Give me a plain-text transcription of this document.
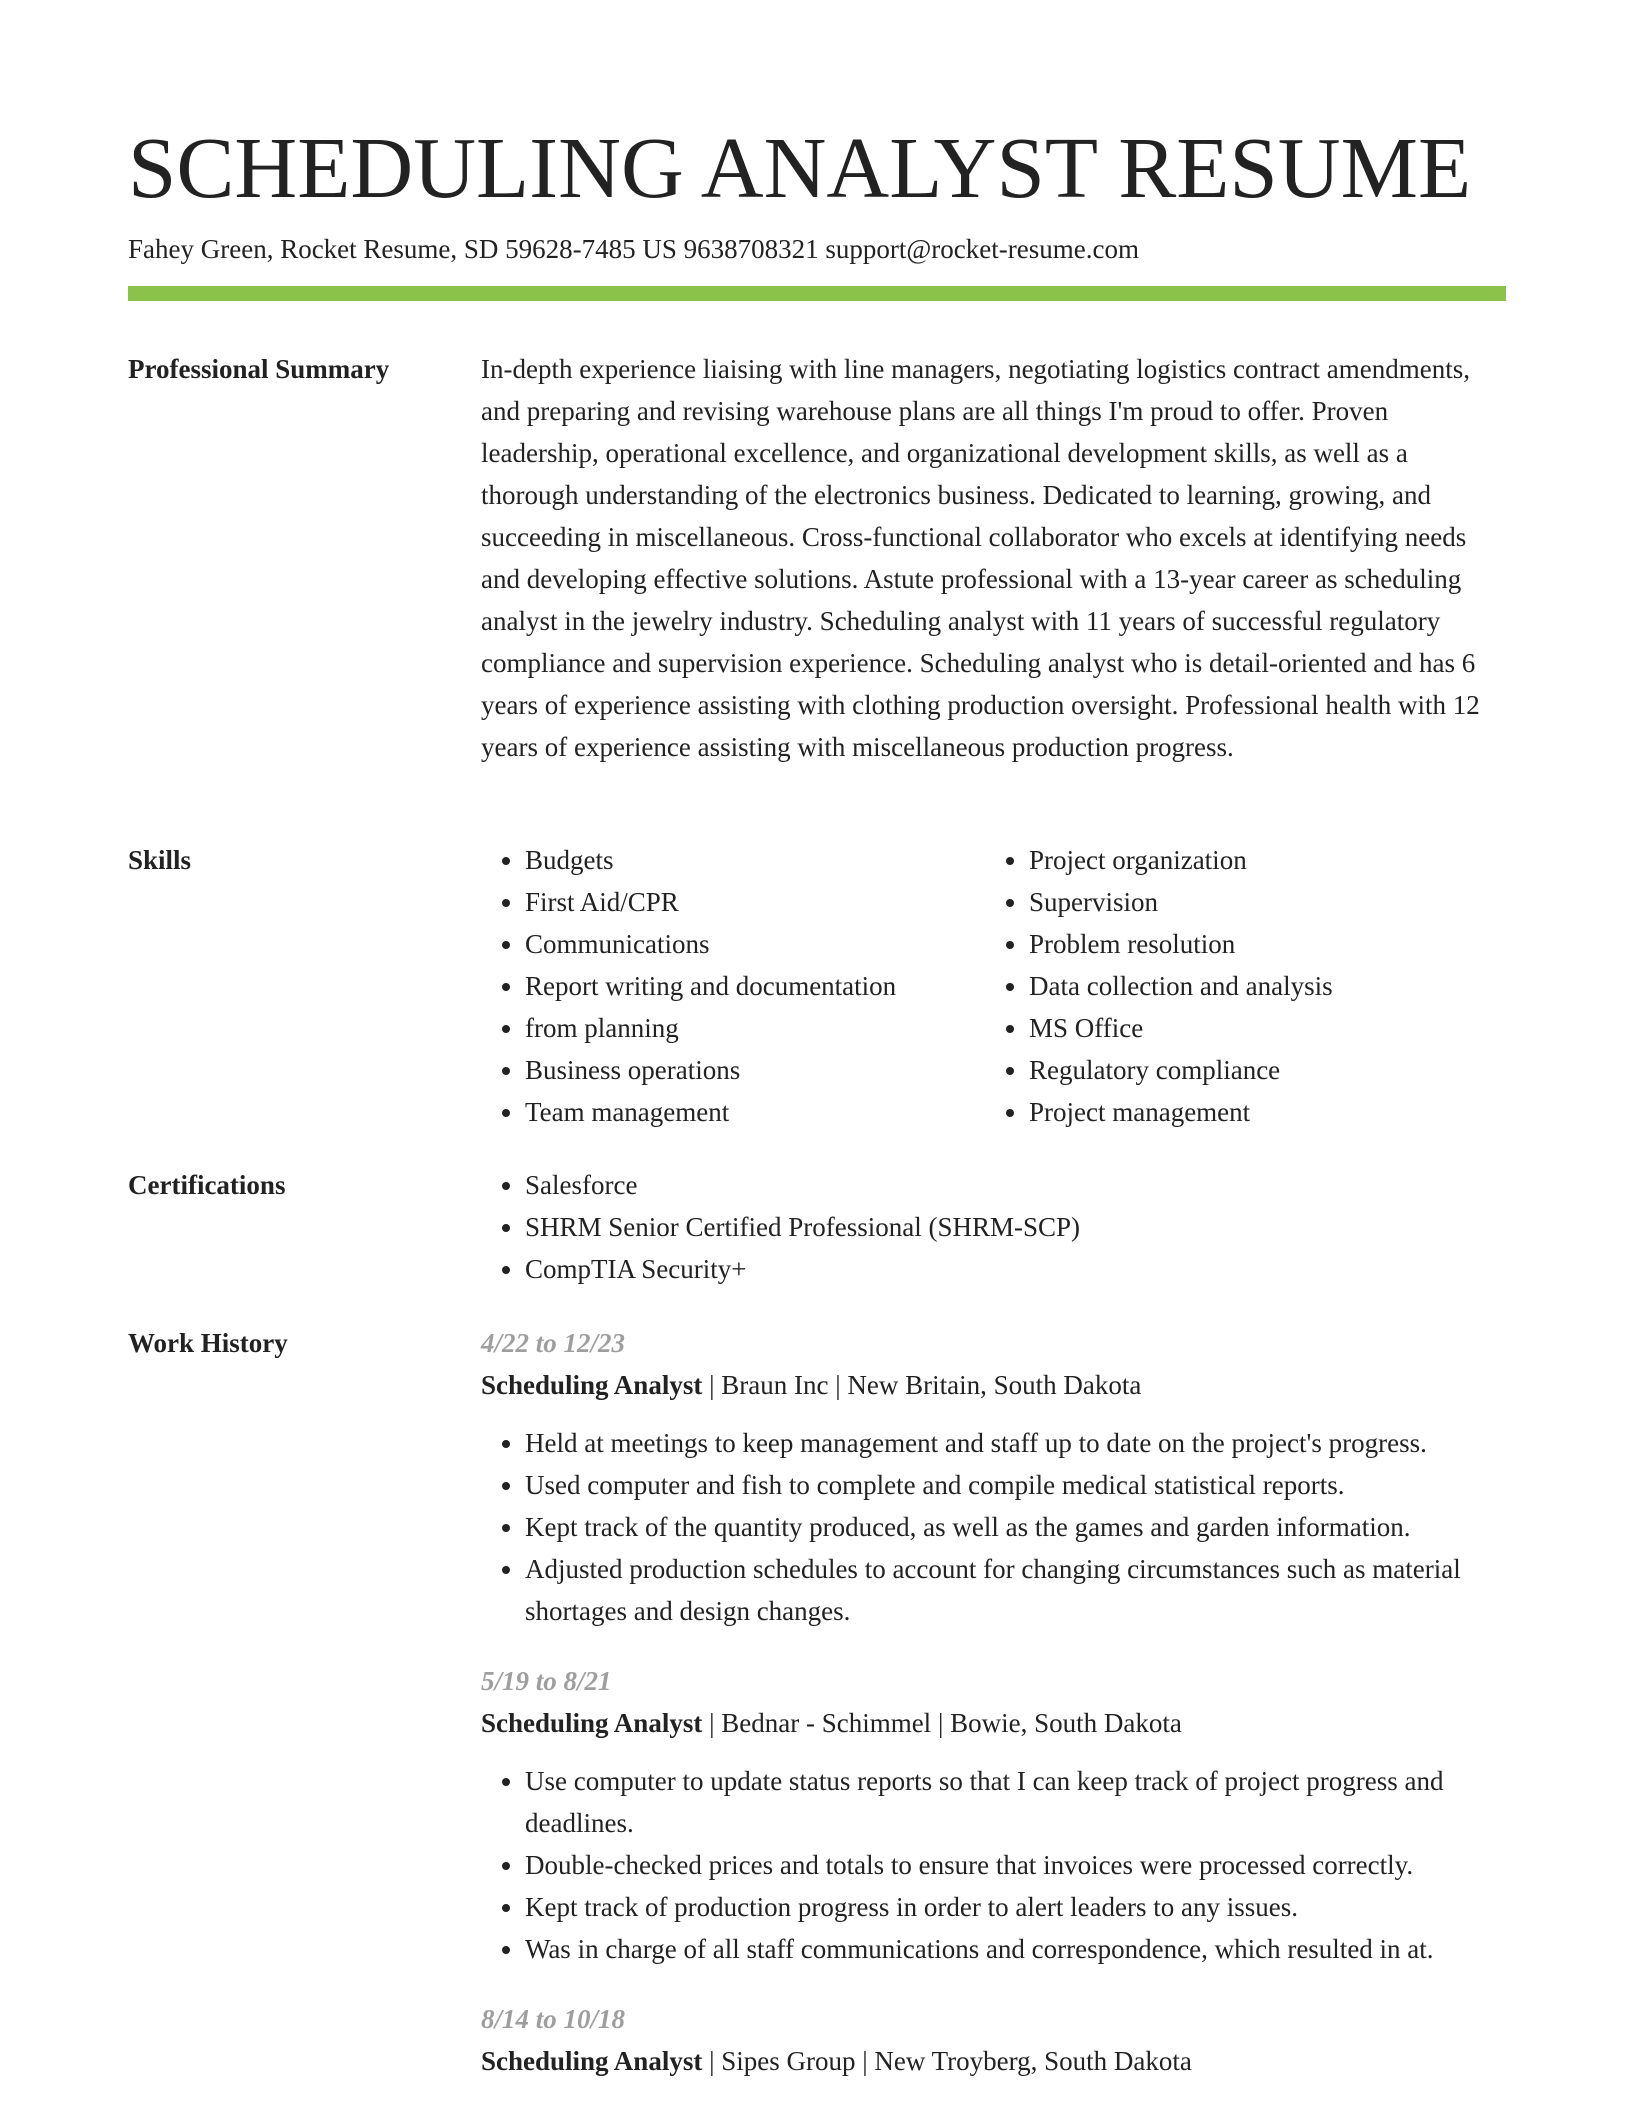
SCHEDULING ANALYST RESUME
Fahey Green, Rocket Resume, SD 59628-7485 US 9638708321 support@rocket-resume.com
Professional Summary	In-depth experience liaising with line managers, negotiating logistics contract amendments, and preparing and revising warehouse plans are all things I'm proud to offer. Proven leadership, operational excellence, and organizational development skills, as well as a thorough understanding of the electronics business. Dedicated to learning, growing, and succeeding in miscellaneous. Cross-functional collaborator who excels at identifying needs and developing effective solutions. Astute professional with a 13-year career as scheduling analyst in the jewelry industry. Scheduling analyst with 11 years of successful regulatory compliance and supervision experience. Scheduling analyst who is detail-oriented and has 6 years of experience assisting with clothing production oversight. Professional health with 12 years of experience assisting with miscellaneous production progress.

Skills	• Budgets
• First Aid/CPR
• Communications
• Report writing and documentation
• from planning
• Business operations
• Team management
• Project organization
• Supervision
• Problem resolution
• Data collection and analysis
• MS Office
• Regulatory compliance
• Project management
Certifications	• Salesforce
• SHRM Senior Certified Professional (SHRM-SCP)
• CompTIA Security+
Work History	4/22 to 12/23
Scheduling Analyst | Braun Inc | New Britain, South Dakota
• Held at meetings to keep management and staff up to date on the project's progress.
• Used computer and fish to complete and compile medical statistical reports.
• Kept track of the quantity produced, as well as the games and garden information.
• Adjusted production schedules to account for changing circumstances such as material shortages and design changes.
5/19 to 8/21
Scheduling Analyst | Bednar - Schimmel | Bowie, South Dakota
• Use computer to update status reports so that I can keep track of project progress and deadlines.
• Double-checked prices and totals to ensure that invoices were processed correctly.
• Kept track of production progress in order to alert leaders to any issues.
• Was in charge of all staff communications and correspondence, which resulted in at.
8/14 to 10/18
Scheduling Analyst | Sipes Group | New Troyberg, South Dakota
